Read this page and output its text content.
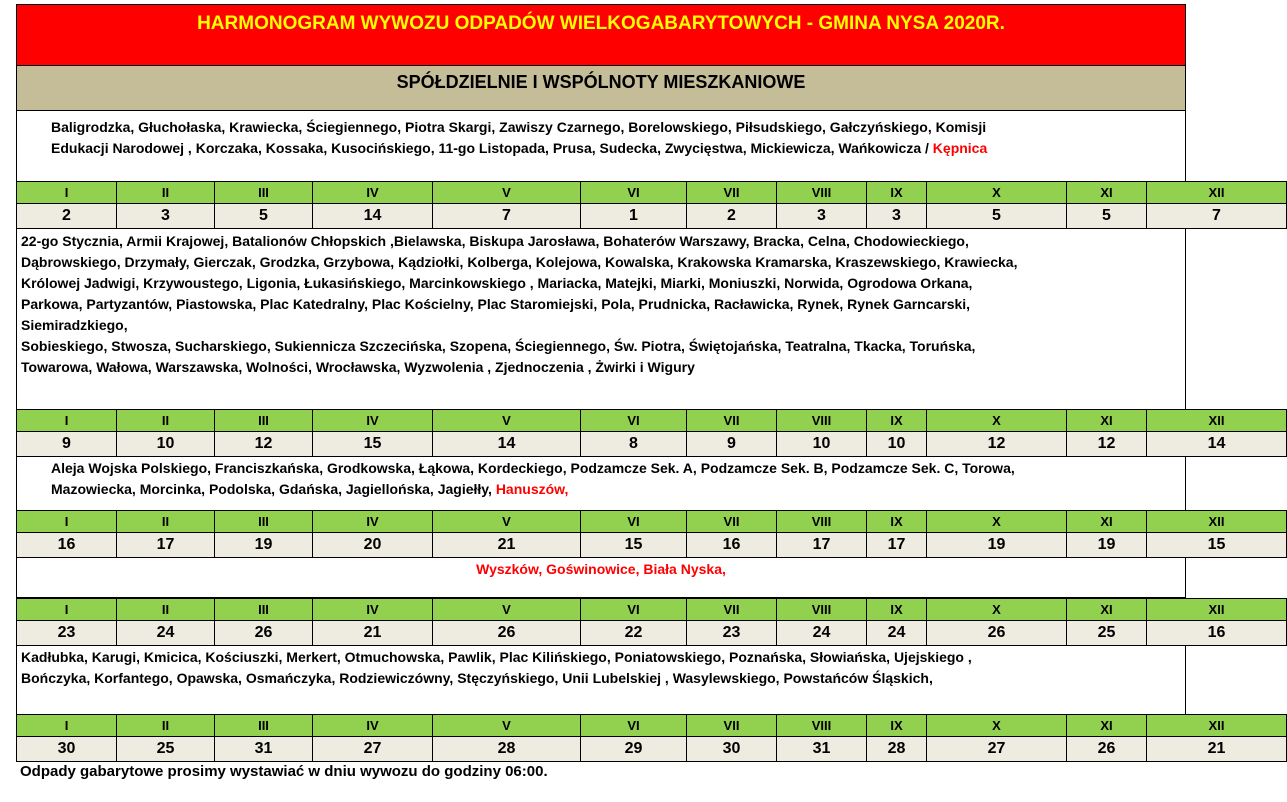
HARMONOGRAM WYWOZU ODPADÓW WIELKOGABARYTOWYCH - GMINA NYSA 2020R.
SPÓŁDZIELNIE I WSPÓLNOTY MIESZKANIOWE
Baligrodzka, Głuchołaska, Krawiecka, Ściegiennego, Piotra Skargi, Zawiszy Czarnego, Borelowskiego, Piłsudskiego, Gałczyńskiego, Komisji
Edukacji Narodowej , Korczaka, Kossaka, Kusocińskiego, 11-go Listopada, Prusa, Sudecka, Zwycięstwa, Mickiewicza, Wańkowicza / Kępnica
I	II	III	IV	V	VI	VII	VIII	IX	X	XI	XII
2	3	5	14	7	1	2	3	3	5	5	7
22-go Stycznia, Armii Krajowej, Batalionów Chłopskich ,Bielawska, Biskupa Jarosława, Bohaterów Warszawy, Bracka, Celna, Chodowieckiego,
Dąbrowskiego, Drzymały, Gierczak, Grodzka, Grzybowa, Kądziołki, Kolberga, Kolejowa, Kowalska, Krakowska Kramarska, Kraszewskiego, Krawiecka,
Królowej Jadwigi, Krzywoustego, Ligonia, Łukasińskiego, Marcinkowskiego , Mariacka, Matejki, Miarki, Moniuszki, Norwida, Ogrodowa Orkana,
Parkowa, Partyzantów, Piastowska, Plac Katedralny, Plac Kościelny, Plac Staromiejski, Pola, Prudnicka, Racławicka, Rynek, Rynek Garncarski,
Siemiradzkiego,
Sobieskiego, Stwosza, Sucharskiego, Sukiennicza Szczecińska, Szopena, Ściegiennego, Św. Piotra, Świętojańska, Teatralna, Tkacka, Toruńska,
Towarowa, Wałowa, Warszawska, Wolności, Wrocławska, Wyzwolenia , Zjednoczenia , Żwirki i Wigury
I	II	III	IV	V	VI	VII	VIII	IX	X	XI	XII
9	10	12	15	14	8	9	10	10	12	12	14
Aleja Wojska Polskiego, Franciszkańska, Grodkowska, Łąkowa, Kordeckiego, Podzamcze Sek. A, Podzamcze Sek. B, Podzamcze Sek. C, Torowa,
Mazowiecka, Morcinka, Podolska, Gdańska, Jagiellońska, Jagiełły, Hanuszów,
I	II	III	IV	V	VI	VII	VIII	IX	X	XI	XII
16	17	19	20	21	15	16	17	17	19	19	15
Wyszków, Goświnowice, Biała Nyska,
I	II	III	IV	V	VI	VII	VIII	IX	X	XI	XII
23	24	26	21	26	22	23	24	24	26	25	16
Kadłubka, Karugi, Kmicica, Kościuszki, Merkert, Otmuchowska, Pawlik, Plac Kilińskiego, Poniatowskiego, Poznańska, Słowiańska, Ujejskiego ,
Bończyka, Korfantego, Opawska, Osmańczyka, Rodziewiczówny, Stęczyńskiego, Unii Lubelskiej , Wasylewskiego, Powstańców Śląskich,
I	II	III	IV	V	VI	VII	VIII	IX	X	XI	XII
30	25	31	27	28	29	30	31	28	27	26	21
Odpady gabarytowe prosimy wystawiać w dniu wywozu do godziny 06:00.
